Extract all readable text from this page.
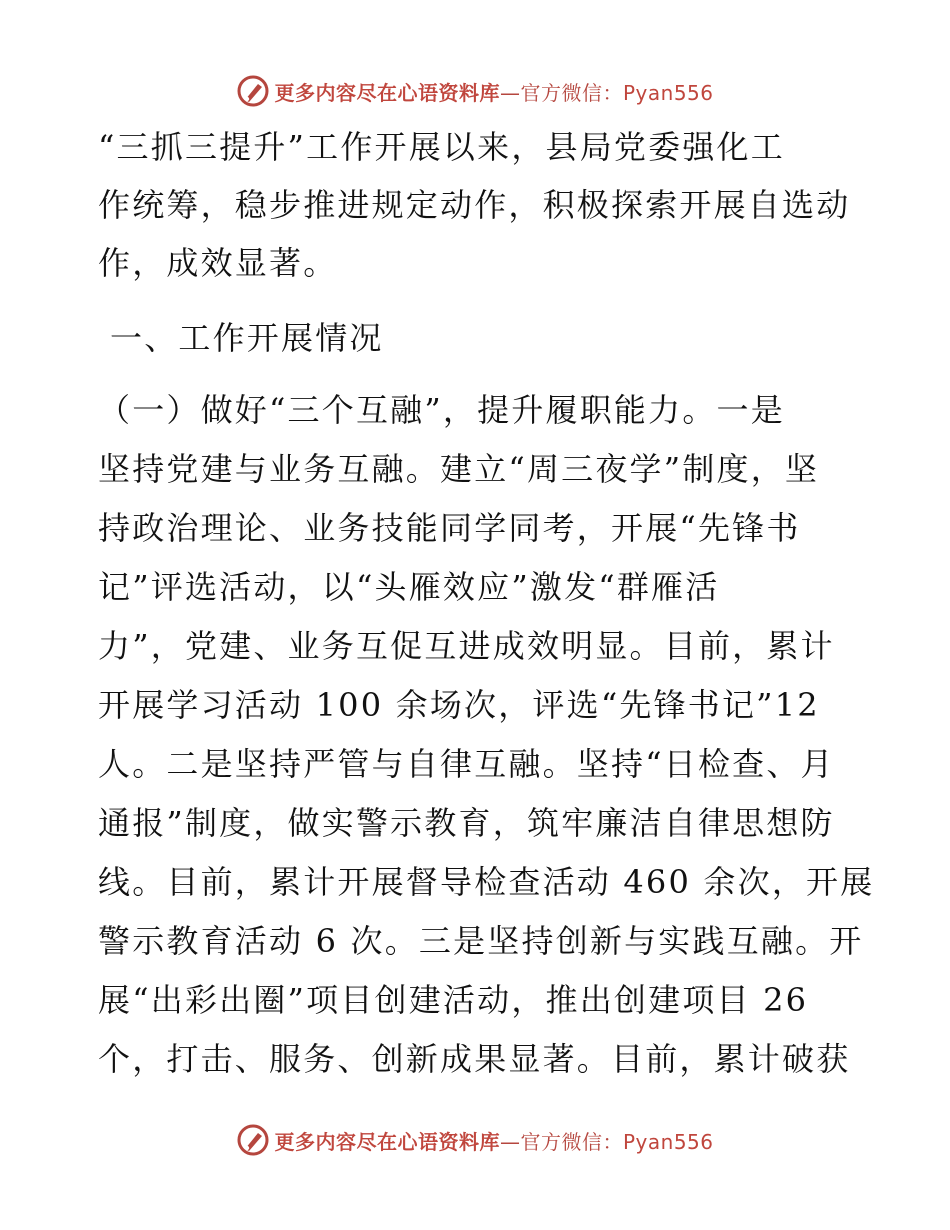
更多内容尽在心语资料库—官方微信：Pyan556
“三抓三提升”工作开展以来，县局党委强化工
作统筹，稳步推进规定动作，积极探索开展自选动
作，成效显著。
一、工作开展情况
（一）做好“三个互融”，提升履职能力。一是
坚持党建与业务互融。建立“周三夜学”制度，坚
持政治理论、业务技能同学同考，开展“先锋书
记”评选活动，以“头雁效应”激发“群雁活
力”，党建、业务互促互进成效明显。目前，累计
开展学习活动 100 余场次，评选“先锋书记”12
人。二是坚持严管与自律互融。坚持“日检查、月
通报”制度，做实警示教育，筑牢廉洁自律思想防
线。目前，累计开展督导检查活动 460 余次，开展
警示教育活动 6 次。三是坚持创新与实践互融。开
展“出彩出圈”项目创建活动，推出创建项目 26
个，打击、服务、创新成果显著。目前，累计破获
更多内容尽在心语资料库—官方微信：Pyan556
